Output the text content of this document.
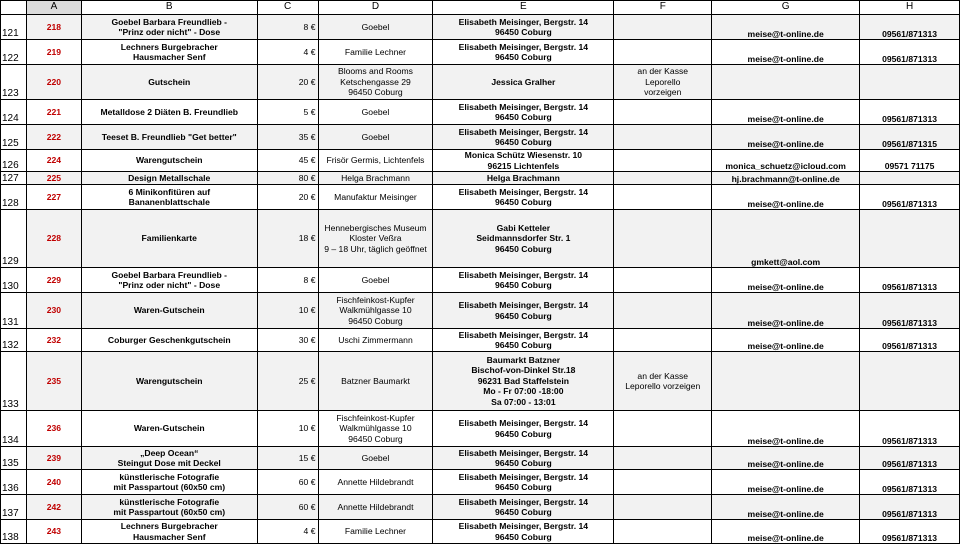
	A	B	C	D	E	F	G	H
121	218	Goebel Barbara Freundlieb -
"Prinz oder nicht" - Dose	8 €	Goebel	Elisabeth Meisinger, Bergstr. 14
96450 Coburg		meise@t-online.de	09561/871313
122	219	Lechners Burgebracher
Hausmacher Senf	4 €	Familie Lechner	Elisabeth Meisinger, Bergstr. 14
96450 Coburg		meise@t-online.de	09561/871313
123	220	Gutschein	20 €	Blooms and Rooms
Ketschengasse 29
96450 Coburg	Jessica Gralher	an der Kasse
Leporello
vorzeigen		

124	221	Metalldose 2 Diäten B. Freundlieb	5 €	Goebel	Elisabeth Meisinger, Bergstr. 14
96450 Coburg		meise@t-online.de	09561/871313
125	222	Teeset B. Freundlieb "Get better"	35 €	Goebel	Elisabeth Meisinger, Bergstr. 14
96450 Coburg		meise@t-online.de	09561/871315
126	224	Warengutschein	45 €	Frisör Germis, Lichtenfels	Monica Schütz Wiesenstr. 10
96215 Lichtenfels		monica_schuetz@icloud.com	09571 71175
127	225	Design Metallschale	80 €	Helga Brachmann	Helga Brachmann		hj.brachmann@t-online.de	
128	227	6 Minikonfitüren auf
Bananenblattschale	20 €	Manufaktur Meisinger	Elisabeth Meisinger, Bergstr. 14
96450 Coburg		meise@t-online.de	09561/871313
129	228	Familienkarte	18 €	Hennebergisches Museum
Kloster Veßra
9 – 18 Uhr, täglich geöffnet	Gabi Ketteler
Seidmannsdorfer Str. 1
96450 Coburg		gmkett@aol.com	
130	229	Goebel Barbara Freundlieb -
"Prinz oder nicht" - Dose	8 €	Goebel	Elisabeth Meisinger, Bergstr. 14
96450 Coburg		meise@t-online.de	09561/871313
131	230	Waren-Gutschein	10 €	Fischfeinkost-Kupfer
Walkmühlgasse 10
96450 Coburg	Elisabeth Meisinger, Bergstr. 14
96450 Coburg		meise@t-online.de	09561/871313
132	232	Coburger Geschenkgutschein	30 €	Uschi Zimmermann	Elisabeth Meisinger, Bergstr. 14
96450 Coburg		meise@t-online.de	09561/871313
133	235	Warengutschein	25 €	Batzner Baumarkt	Baumarkt Batzner
Bischof-von-Dinkel Str.18
96231 Bad Staffelstein
Mo - Fr 07:00 -18:00
Sa 07:00 - 13:01	an der Kasse
Leporello vorzeigen		

134	236	Waren-Gutschein	10 €	Fischfeinkost-Kupfer
Walkmühlgasse 10
96450 Coburg	Elisabeth Meisinger, Bergstr. 14
96450 Coburg		meise@t-online.de	09561/871313
135	239	„Deep Ocean“
Steingut Dose mit Deckel	15 €	Goebel	Elisabeth Meisinger, Bergstr. 14
96450 Coburg		meise@t-online.de	09561/871313
136	240	künstlerische Fotografie
mit Passpartout (60x50 cm)	60 €	Annette Hildebrandt	Elisabeth Meisinger, Bergstr. 14
96450 Coburg		meise@t-online.de	09561/871313
137	242	künstlerische Fotografie
mit Passpartout (60x50 cm)	60 €	Annette Hildebrandt	Elisabeth Meisinger, Bergstr. 14
96450 Coburg		meise@t-online.de	09561/871313
138	243	Lechners Burgebracher
Hausmacher Senf	4 €	Familie Lechner	Elisabeth Meisinger, Bergstr. 14
96450 Coburg		meise@t-online.de	09561/871313
